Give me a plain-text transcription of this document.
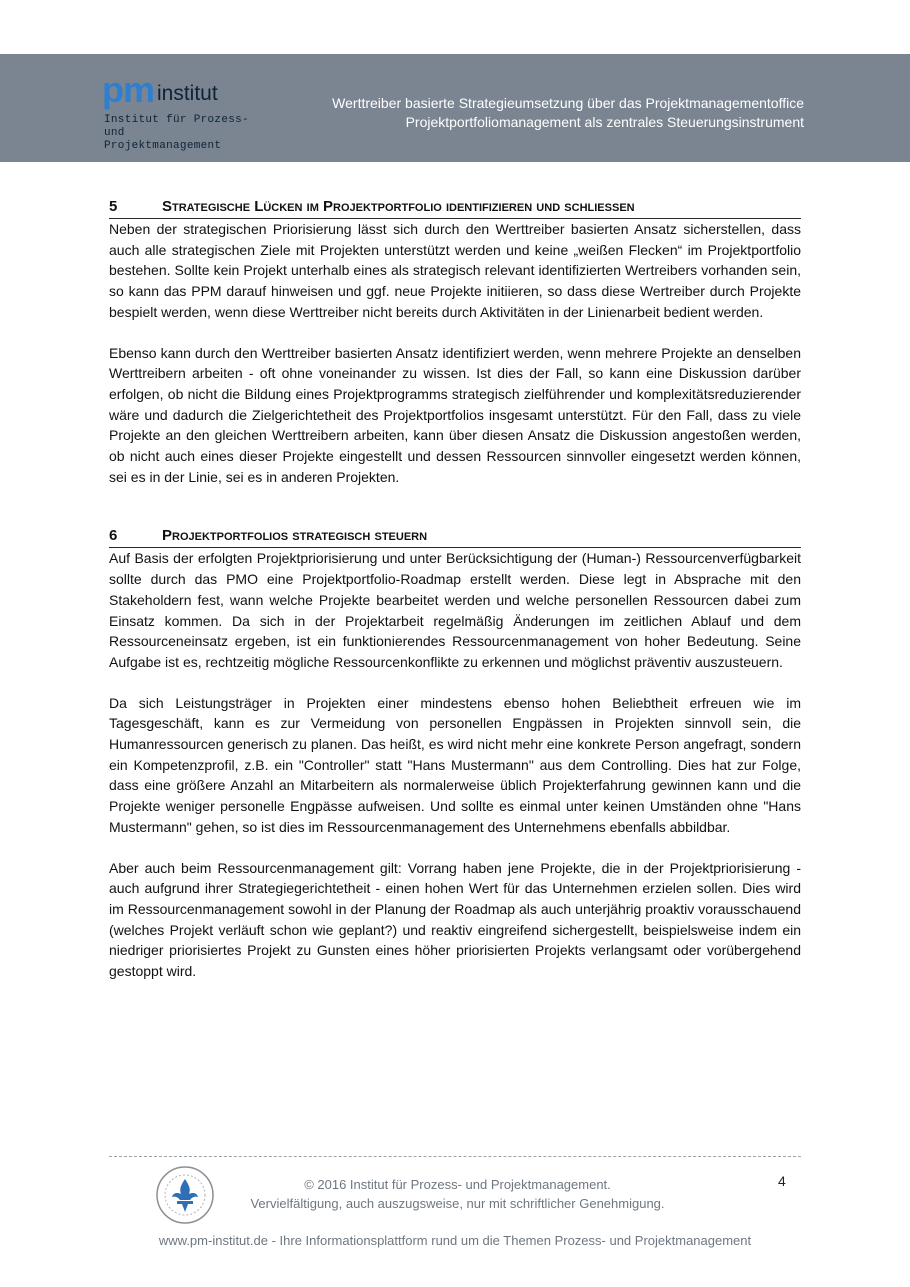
pm institut
Institut für Prozess- und
Projektmanagement
Werttreiber basierte Strategieumsetzung über das Projektmanagementoffice
Projektportfoliomanagement als zentrales Steuerungsinstrument
5	Strategische Lücken im Projektportfolio identifizieren und schließen

Neben der strategischen Priorisierung lässt sich durch den Werttreiber basierten Ansatz sicherstellen, dass auch alle strategischen Ziele mit Projekten unterstützt werden und keine „weißen Flecken“ im Projektportfolio bestehen. Sollte kein Projekt unterhalb eines als strategisch relevant identifizierten Wertreibers vorhanden sein, so kann das PPM darauf hinweisen und ggf. neue Projekte initiieren, so dass diese Wertreiber durch Projekte bespielt werden, wenn diese Werttreiber nicht bereits durch Aktivitäten in der Linienarbeit bedient werden.

Ebenso kann durch den Werttreiber basierten Ansatz identifiziert werden, wenn mehrere Projekte an denselben Werttreibern arbeiten - oft ohne voneinander zu wissen. Ist dies der Fall, so kann eine Diskussion darüber erfolgen, ob nicht die Bildung eines Projektprogramms strategisch zielführender und komplexitätsreduzierender wäre und dadurch die Zielgerichtetheit des Projektportfolios insgesamt unterstützt. Für den Fall, dass zu viele Projekte an den gleichen Werttreibern arbeiten, kann über diesen Ansatz die Diskussion angestoßen werden, ob nicht auch eines dieser Projekte eingestellt und dessen Ressourcen sinnvoller eingesetzt werden können, sei es in der Linie, sei es in anderen Projekten.

6	Projektportfolios strategisch steuern

Auf Basis der erfolgten Projektpriorisierung und unter Berücksichtigung der (Human-) Ressourcenverfügbarkeit sollte durch das PMO eine Projektportfolio-Roadmap erstellt werden. Diese legt in Absprache mit den Stakeholdern fest, wann welche Projekte bearbeitet werden und welche personellen Ressourcen dabei zum Einsatz kommen. Da sich in der Projektarbeit regelmäßig Änderungen im zeitlichen Ablauf und dem Ressourceneinsatz ergeben, ist ein funktionierendes Ressourcenmanagement von hoher Bedeutung. Seine Aufgabe ist es, rechtzeitig mögliche Ressourcenkonflikte zu erkennen und möglichst präventiv auszusteuern.

Da sich Leistungsträger in Projekten einer mindestens ebenso hohen Beliebtheit erfreuen wie im Tagesgeschäft, kann es zur Vermeidung von personellen Engpässen in Projekten sinnvoll sein, die Humanressourcen generisch zu planen. Das heißt, es wird nicht mehr eine konkrete Person angefragt, sondern ein Kompetenzprofil, z.B. ein "Controller" statt "Hans Mustermann" aus dem Controlling. Dies hat zur Folge, dass eine größere Anzahl an Mitarbeitern als normalerweise üblich Projekterfahrung gewinnen kann und die Projekte weniger personelle Engpässe aufweisen. Und sollte es einmal unter keinen Umständen ohne "Hans Mustermann" gehen, so ist dies im Ressourcenmanagement des Unternehmens ebenfalls abbildbar.

Aber auch beim Ressourcenmanagement gilt: Vorrang haben jene Projekte, die in der Projektpriorisierung - auch aufgrund ihrer Strategiegerichtetheit - einen hohen Wert für das Unternehmen erzielen sollen. Dies wird im Ressourcenmanagement sowohl in der Planung der Roadmap als auch unterjährig proaktiv vorausschauend (welches Projekt verläuft schon wie geplant?) und reaktiv eingreifend sichergestellt, beispielsweise indem ein niedriger priorisiertes Projekt zu Gunsten eines höher priorisierten Projekts verlangsamt oder vorübergehend gestoppt wird.

© 2016 Institut für Prozess- und Projektmanagement.
Vervielfältigung, auch auszugsweise, nur mit schriftlicher Genehmigung.
4
www.pm-institut.de - Ihre Informationsplattform rund um die Themen Prozess- und Projektmanagement
